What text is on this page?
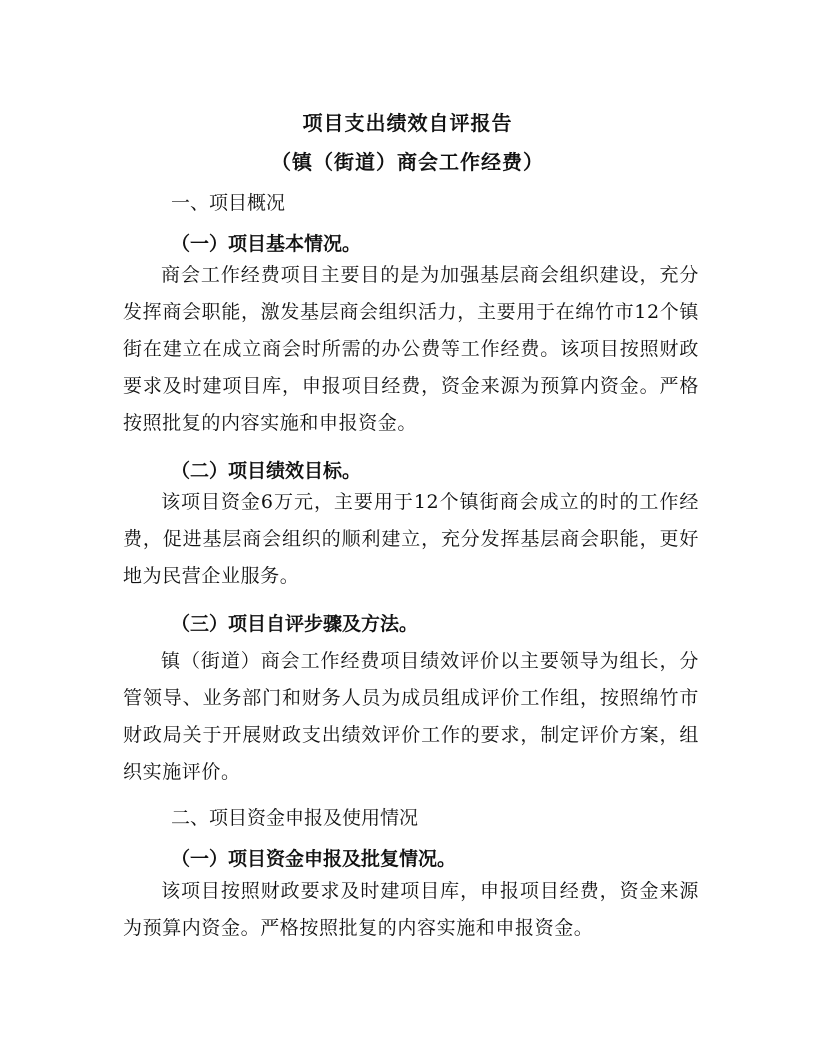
项目支出绩效自评报告
（镇（街道）商会工作经费）
一、项目概况
（一）项目基本情况。
商会工作经费项目主要目的是为加强基层商会组织建设，充分发挥商会职能，激发基层商会组织活力，主要用于在绵竹市12个镇街在建立在成立商会时所需的办公费等工作经费。该项目按照财政要求及时建项目库，申报项目经费，资金来源为预算内资金。严格按照批复的内容实施和申报资金。
（二）项目绩效目标。
该项目资金6万元，主要用于12个镇街商会成立的时的工作经费，促进基层商会组织的顺利建立，充分发挥基层商会职能，更好地为民营企业服务。
（三）项目自评步骤及方法。
镇（街道）商会工作经费项目绩效评价以主要领导为组长，分管领导、业务部门和财务人员为成员组成评价工作组，按照绵竹市财政局关于开展财政支出绩效评价工作的要求，制定评价方案，组织实施评价。
二、项目资金申报及使用情况
（一）项目资金申报及批复情况。
该项目按照财政要求及时建项目库，申报项目经费，资金来源为预算内资金。严格按照批复的内容实施和申报资金。
